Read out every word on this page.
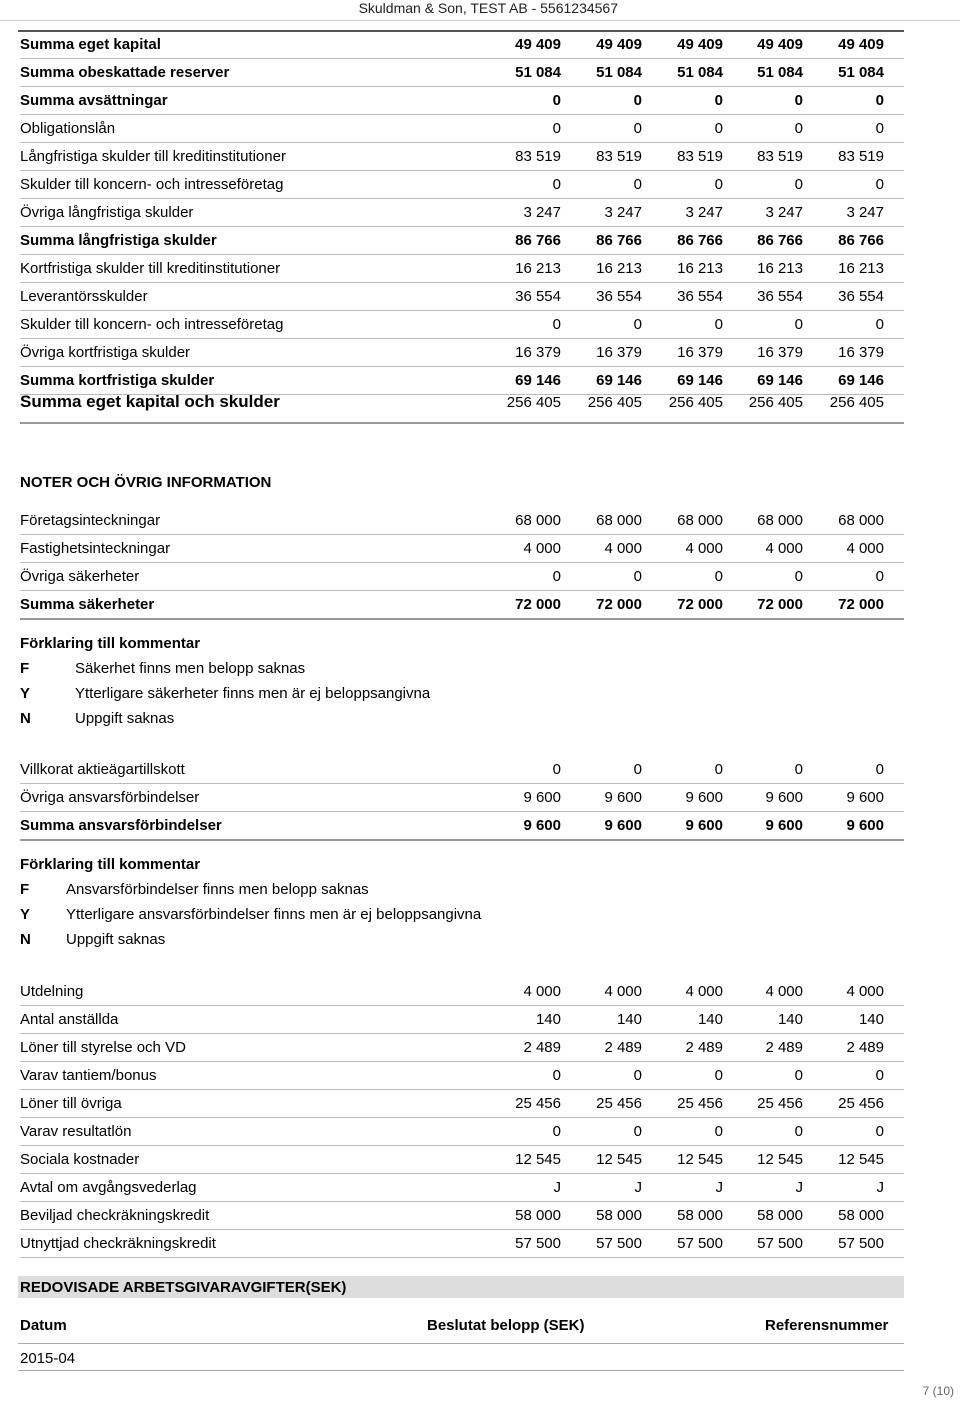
Skuldman & Son, TEST AB - 5561234567
Summa eget kapital	49 409	49 409	49 409	49 409	49 409
Summa obeskattade reserver	51 084	51 084	51 084	51 084	51 084
Summa avsättningar	0	0	0	0	0
Obligationslån	0	0	0	0	0
Långfristiga skulder till kreditinstitutioner	83 519	83 519	83 519	83 519	83 519
Skulder till koncern- och intresseföretag	0	0	0	0	0
Övriga långfristiga skulder	3 247	3 247	3 247	3 247	3 247
Summa långfristiga skulder	86 766	86 766	86 766	86 766	86 766
Kortfristiga skulder till kreditinstitutioner	16 213	16 213	16 213	16 213	16 213
Leverantörsskulder	36 554	36 554	36 554	36 554	36 554
Skulder till koncern- och intresseföretag	0	0	0	0	0
Övriga kortfristiga skulder	16 379	16 379	16 379	16 379	16 379
Summa kortfristiga skulder	69 146	69 146	69 146	69 146	69 146
Summa eget kapital och skulder	256 405	256 405	256 405	256 405	256 405
NOTER OCH ÖVRIG INFORMATION
Företagsinteckningar	68 000	68 000	68 000	68 000	68 000
Fastighetsinteckningar	4 000	4 000	4 000	4 000	4 000
Övriga säkerheter	0	0	0	0	0
Summa säkerheter	72 000	72 000	72 000	72 000	72 000
Förklaring till kommentar
F	Säkerhet finns men belopp saknas
Y	Ytterligare säkerheter finns men är ej beloppsangivna
N	Uppgift saknas
Villkorat aktieägartillskott	0	0	0	0	0
Övriga ansvarsförbindelser	9 600	9 600	9 600	9 600	9 600
Summa ansvarsförbindelser	9 600	9 600	9 600	9 600	9 600
Förklaring till kommentar
F Ansvarsförbindelser finns men belopp saknas
Y Ytterligare ansvarsförbindelser finns men är ej beloppsangivna
N Uppgift saknas
Utdelning	4 000	4 000	4 000	4 000	4 000
Antal anställda	140	140	140	140	140
Löner till styrelse och VD	2 489	2 489	2 489	2 489	2 489
Varav tantiem/bonus	0	0	0	0	0
Löner till övriga	25 456	25 456	25 456	25 456	25 456
Varav resultatlön	0	0	0	0	0
Sociala kostnader	12 545	12 545	12 545	12 545	12 545
Avtal om avgångsvederlag	J	J	J	J	J
Beviljad checkräkningskredit	58 000	58 000	58 000	58 000	58 000
Utnyttjad checkräkningskredit	57 500	57 500	57 500	57 500	57 500
REDOVISADE ARBETSGIVARAVGIFTER(SEK)
Datum	Beslutat belopp (SEK)	Referensnummer
2015-04
7 (10)
